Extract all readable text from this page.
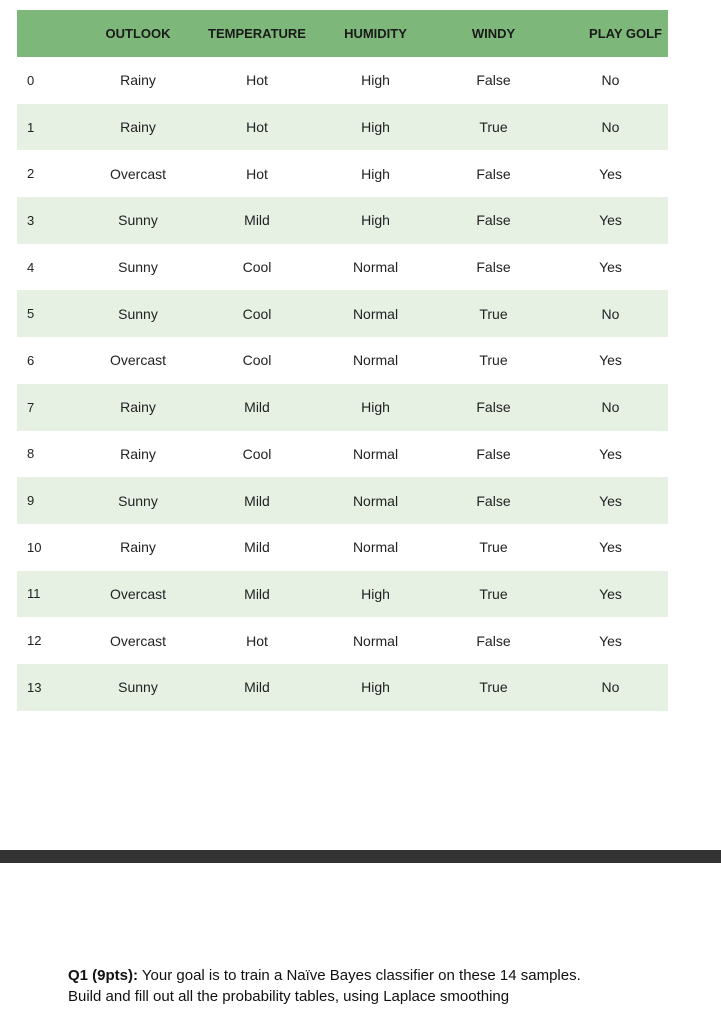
	OUTLOOK	TEMPERATURE	HUMIDITY	WINDY	PLAY GOLF
0	Rainy	Hot	High	False	No
1	Rainy	Hot	High	True	No
2	Overcast	Hot	High	False	Yes
3	Sunny	Mild	High	False	Yes
4	Sunny	Cool	Normal	False	Yes
5	Sunny	Cool	Normal	True	No
6	Overcast	Cool	Normal	True	Yes
7	Rainy	Mild	High	False	No
8	Rainy	Cool	Normal	False	Yes
9	Sunny	Mild	Normal	False	Yes
10	Rainy	Mild	Normal	True	Yes
11	Overcast	Mild	High	True	Yes
12	Overcast	Hot	Normal	False	Yes
13	Sunny	Mild	High	True	No
Q1 (9pts): Your goal is to train a Naïve Bayes classifier on these 14 samples.
Build and fill out all the probability tables, using Laplace smoothing
